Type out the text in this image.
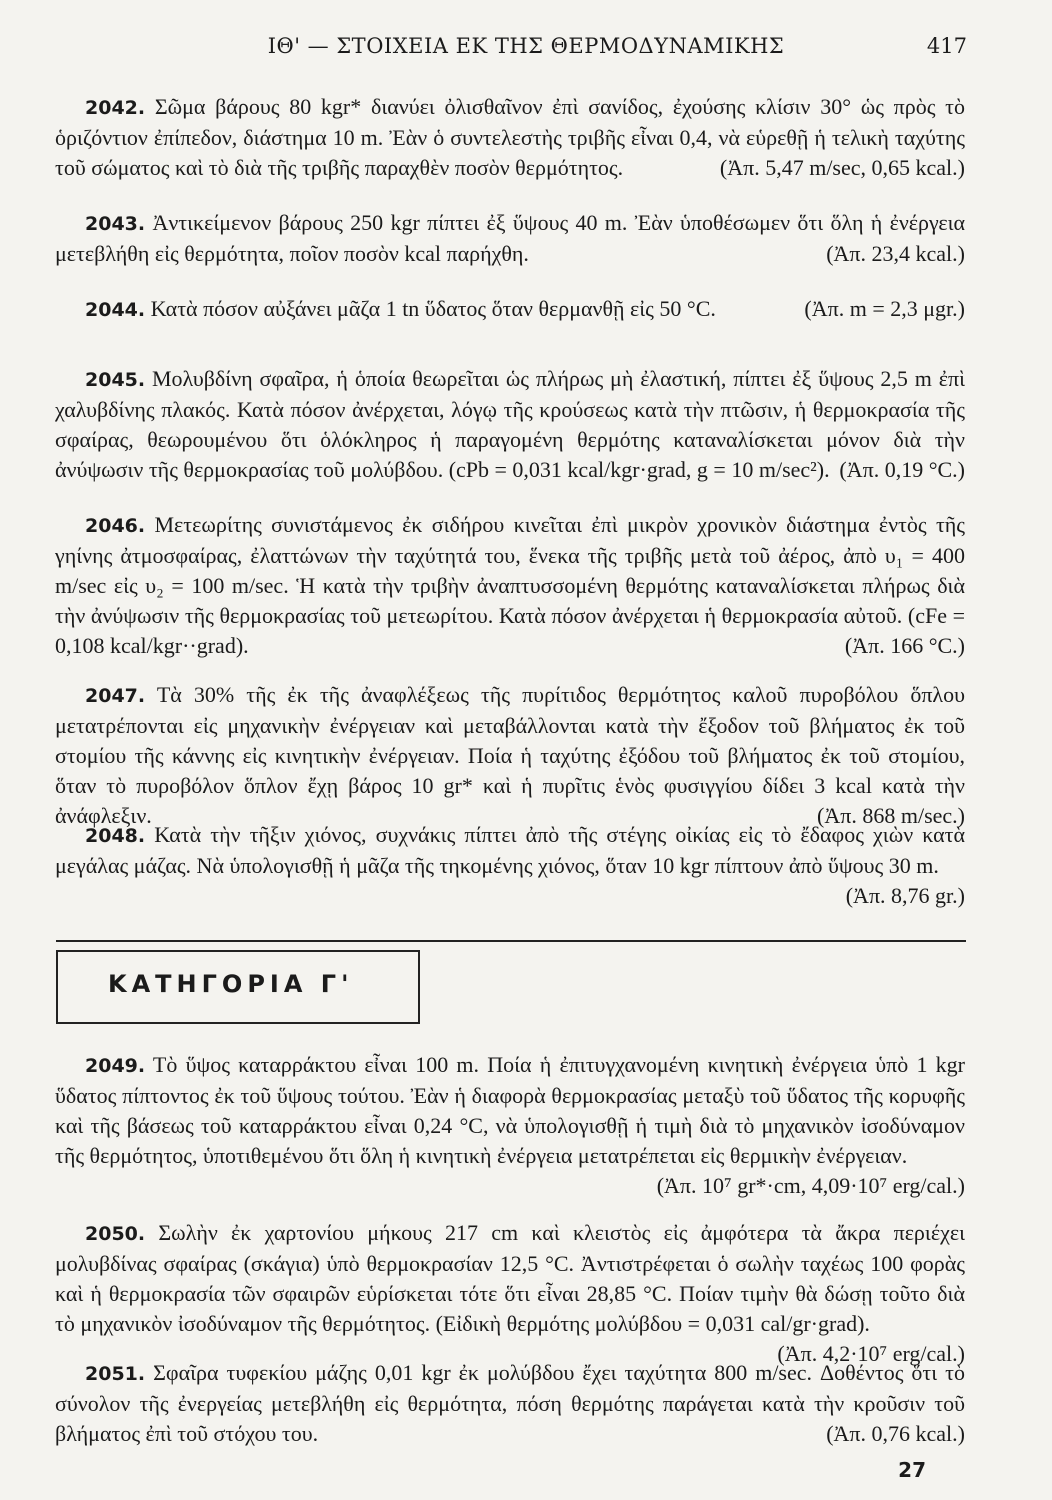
ΙΘ' — ΣΤΟΙΧΕΙΑ ΕΚ ΤΗΣ ΘΕΡΜΟΔΥΝΑΜΙΚΗΣ	417

2042. Σῶμα βάρους 80 kgr* διανύει ὀλισθαῖνον ἐπὶ σανίδος, ἐχούσης κλίσιν 30° ὡς πρὸς τὸ ὁριζόντιον ἐπίπεδον, διάστημα 10 m. Ἐὰν ὁ συντελεστὴς τριβῆς εἶναι 0,4, νὰ εὑρεθῇ ἡ τελικὴ ταχύτης τοῦ σώματος καὶ τὸ διὰ τῆς τριβῆς παραχθὲν ποσὸν θερμότητος.	(Ἀπ. 5,47 m/sec, 0,65 kcal.)

2043. Ἀντικείμενον βάρους 250 kgr πίπτει ἐξ ὕψους 40 m. Ἐὰν ὑποθέσωμεν ὅτι ὅλη ἡ ἐνέργεια μετεβλήθη εἰς θερμότητα, ποῖον ποσὸν kcal παρήχθη.	(Ἀπ. 23,4 kcal.)

2044. Κατὰ πόσον αὐξάνει μᾶζα 1 tn ὕδατος ὅταν θερμανθῇ εἰς 50 °C.	(Ἀπ. m = 2,3 μgr.)

2045. Μολυβδίνη σφαῖρα, ἡ ὁποία θεωρεῖται ὡς πλήρως μὴ ἐλαστική, πίπτει ἐξ ὕψους 2,5 m ἐπὶ χαλυβδίνης πλακός. Κατὰ πόσον ἀνέρχεται, λόγῳ τῆς κρούσεως κατὰ τὴν πτῶσιν, ἡ θερμοκρασία τῆς σφαίρας, θεωρουμένου ὅτι ὁλόκληρος ἡ παραγομένη θερμότης καταναλίσκεται μόνον διὰ τὴν ἀνύψωσιν τῆς θερμοκρασίας τοῦ μολύβδου. (cPb = 0,031 kcal/kgr·grad, g = 10 m/sec²). (Ἀπ. 0,19 °C.)

2046. Μετεωρίτης συνιστάμενος ἐκ σιδήρου κινεῖται ἐπὶ μικρὸν χρονικὸν διάστημα ἐντὸς τῆς γηίνης ἀτμοσφαίρας, ἐλαττώνων τὴν ταχύτητά του, ἕνεκα τῆς τριβῆς μετὰ τοῦ ἀέρος, ἀπὸ υ₁ = 400 m/sec εἰς υ₂ = 100 m/sec. Ἡ κατὰ τὴν τριβὴν ἀναπτυσσομένη θερμότης καταναλίσκεται πλήρως διὰ τὴν ἀνύψωσιν τῆς θερμοκρασίας τοῦ μετεωρίτου. Κατὰ πόσον ἀνέρχεται ἡ θερμοκρασία αὐτοῦ. (cFe = 0,108 kcal/kgr··grad).	(Ἀπ. 166 °C.)

2047. Τὰ 30% τῆς ἐκ τῆς ἀναφλέξεως τῆς πυρίτιδος θερμότητος καλοῦ πυροβόλου ὅπλου μετατρέπονται εἰς μηχανικὴν ἐνέργειαν καὶ μεταβάλλονται κατὰ τὴν ἔξοδον τοῦ βλήματος ἐκ τοῦ στομίου τῆς κάννης εἰς κινητικὴν ἐνέργειαν. Ποία ἡ ταχύτης ἐξόδου τοῦ βλήματος ἐκ τοῦ στομίου, ὅταν τὸ πυροβόλον ὅπλον ἔχῃ βάρος 10 gr* καὶ ἡ πυρῖτις ἑνὸς φυσιγγίου δίδει 3 kcal κατὰ τὴν ἀνάφλεξιν.	(Ἀπ. 868 m/sec.)

2048. Κατὰ τὴν τῆξιν χιόνος, συχνάκις πίπτει ἀπὸ τῆς στέγης οἰκίας εἰς τὸ ἔδαφος χιὼν κατὰ μεγάλας μάζας. Νὰ ὑπολογισθῇ ἡ μᾶζα τῆς τηκομένης χιόνος, ὅταν 10 kgr πίπτουν ἀπὸ ὕψους 30 m.
(Ἀπ. 8,76 gr.)

ΚΑΤΗΓΟΡΙΑ Γ'

2049. Τὸ ὕψος καταρράκτου εἶναι 100 m. Ποία ἡ ἐπιτυγχανομένη κινητικὴ ἐνέργεια ὑπὸ 1 kgr ὕδατος πίπτοντος ἐκ τοῦ ὕψους τούτου. Ἐὰν ἡ διαφορὰ θερμοκρασίας μεταξὺ τοῦ ὕδατος τῆς κορυφῆς καὶ τῆς βάσεως τοῦ καταρράκτου εἶναι 0,24 °C, νὰ ὑπολογισθῇ ἡ τιμὴ διὰ τὸ μηχανικὸν ἰσοδύναμον τῆς θερμότητος, ὑποτιθεμένου ὅτι ὅλη ἡ κινητικὴ ἐνέργεια μετατρέπεται εἰς θερμικὴν ἐνέργειαν.
(Ἀπ. 10⁷ gr*·cm, 4,09·10⁷ erg/cal.)

2050. Σωλὴν ἐκ χαρτονίου μήκους 217 cm καὶ κλειστὸς εἰς ἀμφότερα τὰ ἄκρα περιέχει μολυβδίνας σφαίρας (σκάγια) ὑπὸ θερμοκρασίαν 12,5 °C. Ἀντιστρέφεται ὁ σωλὴν ταχέως 100 φορὰς καὶ ἡ θερμοκρασία τῶν σφαιρῶν εὑρίσκεται τότε ὅτι εἶναι 28,85 °C. Ποίαν τιμὴν θὰ δώσῃ τοῦτο διὰ τὸ μηχανικὸν ἰσοδύναμον τῆς θερμότητος. (Εἰδικὴ θερμότης μολύβδου = 0,031 cal/gr·grad).
(Ἀπ. 4,2·10⁷ erg/cal.)

2051. Σφαῖρα τυφεκίου μάζης 0,01 kgr ἐκ μολύβδου ἔχει ταχύτητα 800 m/sec. Δοθέντος ὅτι τὸ σύνολον τῆς ἐνεργείας μετεβλήθη εἰς θερμότητα, πόση θερμότης παράγεται κατὰ τὴν κροῦσιν τοῦ βλήματος ἐπὶ τοῦ στόχου του.	(Ἀπ. 0,76 kcal.)

27
